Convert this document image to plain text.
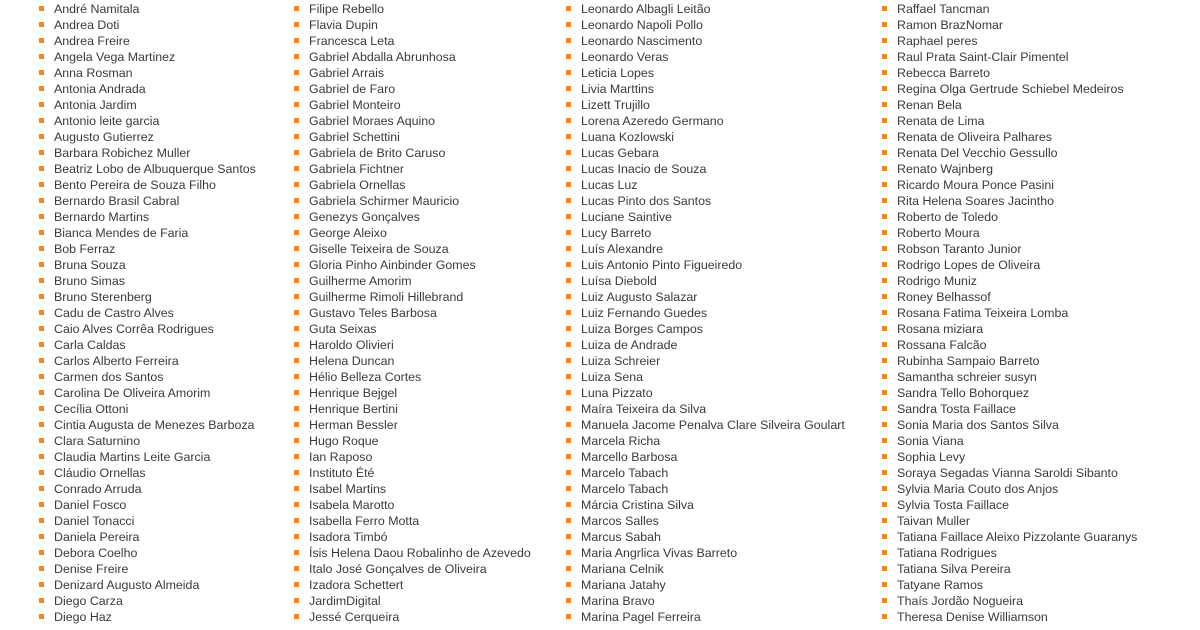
André Namitala
Andrea Doti
Andrea Freire
Angela Vega Martinez
Anna Rosman
Antonia Andrada
Antonia Jardim
Antonio leite garcia
Augusto Gutierrez
Barbara Robichez Muller
Beatriz Lobo de Albuquerque Santos
Bento Pereira de Souza Filho
Bernardo Brasil Cabral
Bernardo Martins
Bianca Mendes de Faria
Bob Ferraz
Bruna Souza
Bruno Simas
Bruno Sterenberg
Cadu de Castro Alves
Caio Alves Corrêa Rodrigues
Carla Caldas
Carlos Alberto Ferreira
Carmen dos Santos
Carolina De Oliveira Amorim
Cecília Ottoni
Cintia Augusta de Menezes Barboza
Clara Saturnino
Claudia Martins Leite Garcia
Cláudio Ornellas
Conrado Arruda
Daniel Fosco
Daniel Tonacci
Daniela Pereira
Debora Coelho
Denise Freire
Denizard Augusto Almeida
Diego Carza
Diego Haz
Filipe Rebello
Flavia Dupin
Francesca Leta
Gabriel Abdalla Abrunhosa
Gabriel Arrais
Gabriel de Faro
Gabriel Monteiro
Gabriel Moraes Aquino
Gabriel Schettini
Gabriela de Brito Caruso
Gabriela Fichtner
Gabriela Ornellas
Gabriela Schirmer Mauricio
Genezys Gonçalves
George Aleixo
Giselle Teixeira de Souza
Gloria Pinho Ainbinder Gomes
Guilherme Amorim
Guilherme Rimoli Hillebrand
Gustavo Teles Barbosa
Guta Seixas
Haroldo Olivieri
Helena Duncan
Hélio Belleza Cortes
Henrique Bejgel
Henrique Bertini
Herman Bessler
Hugo Roque
Ian Raposo
Instituto Été
Isabel Martins
Isabela Marotto
Isabella Ferro Motta
Isadora Timbó
Ísis Helena Daou Robalinho de Azevedo
Italo José Gonçalves de Oliveira
Izadora Schettert
JardimDigital
Jessé Cerqueira
Leonardo Albagli Leitão
Leonardo Napoli Pollo
Leonardo Nascimento
Leonardo Veras
Leticia Lopes
Livia Marttins
Lizett Trujillo
Lorena Azeredo Germano
Luana Kozlowski
Lucas Gebara
Lucas Inacio de Souza
Lucas Luz
Lucas Pinto dos Santos
Luciane Saintive
Lucy Barreto
Luís Alexandre
Luis Antonio Pinto Figueiredo
Luísa Diebold
Luiz Augusto Salazar
Luiz Fernando Guedes
Luiza Borges Campos
Luiza de Andrade
Luiza Schreier
Luiza Sena
Luna Pizzato
Maíra Teixeira da Silva
Manuela Jacome Penalva Clare Silveira Goulart
Marcela Richa
Marcello Barbosa
Marcelo Tabach
Marcelo Tabach
Márcia Cristina Silva
Marcos Salles
Marcus Sabah
Maria Angrlica Vivas Barreto
Mariana Celnik
Mariana Jatahy
Marina Bravo
Marina Pagel Ferreira
Raffael Tancman
Ramon BrazNomar
Raphael peres
Raul Prata Saint-Clair Pimentel
Rebecca Barreto
Regina Olga Gertrude Schiebel Medeiros
Renan Bela
Renata de Lima
Renata de Oliveira Palhares
Renata Del Vecchio Gessullo
Renato Wajnberg
Ricardo Moura Ponce Pasini
Rita Helena Soares Jacintho
Roberto de Toledo
Roberto Moura
Robson Taranto Junior
Rodrigo Lopes de Oliveira
Rodrigo Muniz
Roney Belhassof
Rosana Fatima Teixeira Lomba
Rosana miziara
Rossana Falcão
Rubinha Sampaio Barreto
Samantha schreier susyn
Sandra Tello Bohorquez
Sandra Tosta Faillace
Sonia Maria dos Santos Silva
Sonia Viana
Sophia Levy
Soraya Segadas Vianna Saroldi Sibanto
Sylvia Maria Couto dos Anjos
Sylvia Tosta Faillace
Taivan Muller
Tatiana Faillace Aleixo Pizzolante Guaranys
Tatiana Rodrigues
Tatiana Silva Pereira
Tatyane Ramos
Thaís Jordão Nogueira
Theresa Denise Williamson
